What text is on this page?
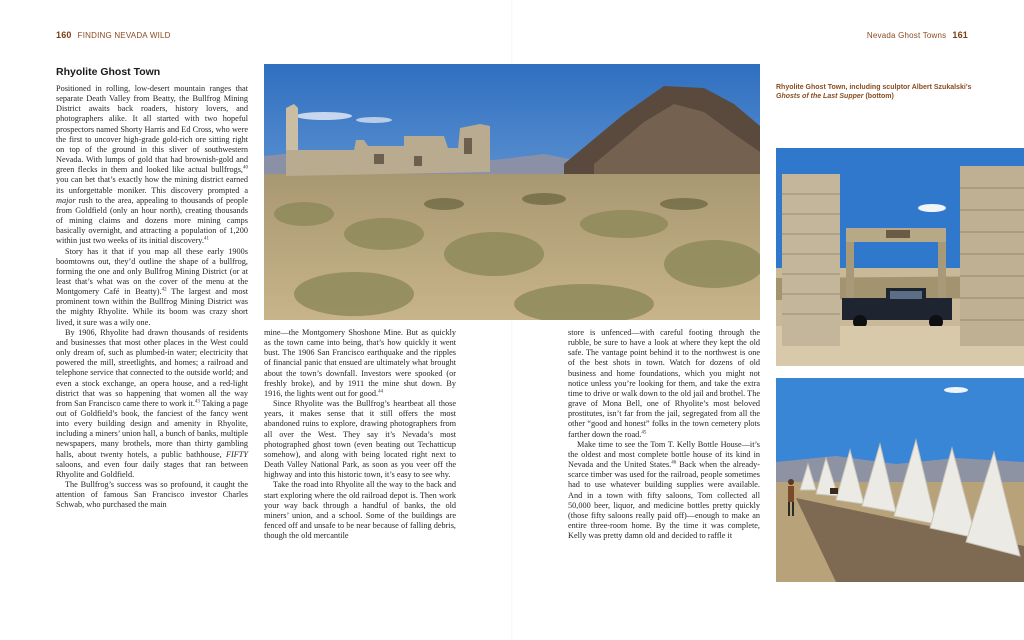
160 FINDING NEVADA WILD
Rhyolite Ghost Town
Nevada Ghost Towns 161

Positioned in rolling, low-desert mountain ranges that separate Death Valley from Beatty, the Bullfrog Mining District awaits back roaders, history lovers, and photographers alike. It all started with two hopeful prospectors named Shorty Harris and Ed Cross, who were the first to uncover high-grade gold-rich ore sitting right on top of the ground in this sliver of southwestern Nevada. With lumps of gold that had brownish-gold and green flecks in them and looked like actual bullfrogs,$^{40}$ you can bet that’s exactly how the mining district earned its unforgettable moniker. This discovery prompted a major rush to the area, appealing to thousands of people from Goldfield (only an hour north), creating thousands of mining claims and dozens more mining camps basically overnight, and attracting a population of 1,200 within just two weeks of its initial discovery.$^{41}$

Story has it that if you map all these early 1900s boomtowns out, they’d outline the shape of a bullfrog, forming the one and only Bullfrog Mining District (or at least that’s what was on the cover of the menu at the Montgomery Café in Beatty).$^{42}$ The largest and most prominent town within the Bullfrog Mining District was the mighty Rhyolite. While its boom was crazy short lived, it sure was a wily one.

By 1906, Rhyolite had drawn thousands of residents and businesses that most other places in the West could only dream of, such as plumbed-in water; electricity that powered the mill, streetlights, and homes; a railroad and telephone service that connected to the outside world; and even a stock exchange, an opera house, and a red-light district that was so happening that women all the way from San Francisco came there to work it.$^{43}$ Taking a page out of Goldfield’s book, the fanciest of the fancy went into every building design and amenity in Rhyolite, including a miners’ union hall, a bunch of banks, multiple newspapers, many brothels, more than thirty gambling halls, about twenty hotels, a public bathhouse, FIFTY saloons, and even four daily stages that ran between Rhyolite and Goldfield.

The Bullfrog’s success was so profound, it caught the attention of famous San Francisco investor Charles Schwab, who purchased the main

mine—the Montgomery Shoshone Mine. But as quickly as the town came into being, that’s how quickly it went bust. The 1906 San Francisco earthquake and the ripples of financial panic that ensued are ultimately what brought about the town’s downfall. Investors were spooked (or freshly broke), and by 1911 the mine shut down. By 1916, the lights went out for good.$^{44}$

Since Rhyolite was the Bullfrog’s heartbeat all those years, it makes sense that it still offers the most abandoned ruins to explore, drawing photographers from all over the West. They say it’s Nevada’s most photographed ghost town (even beating out Techatticup somehow), and along with being located right next to Death Valley National Park, as soon as you veer off the highway and into this historic town, it’s easy to see why.

Take the road into Rhyolite all the way to the back and start exploring where the old railroad depot is. Then work your way back through a handful of banks, the old miners’ union, and a school. Some of the buildings are fenced off and unsafe to be near because of falling debris, though the old mercantile

store is unfenced—with careful footing through the rubble, be sure to have a look at where they kept the old safe. The vantage point behind it to the northwest is one of the best shots in town. Watch for dozens of old business and home foundations, which you might not notice unless you’re looking for them, and take the extra time to drive or walk down to the old jail and brothel. The grave of Mona Bell, one of Rhyolite’s most beloved prostitutes, isn’t far from the jail, segregated from all the other “good and honest” folks in the town cemetery plots farther down the road.$^{45}$

Make time to see the Tom T. Kelly Bottle House—it’s the oldest and most complete bottle house of its kind in Nevada and the United States.$^{46}$ Back when the already-scarce timber was used for the railroad, people sometimes had to use whatever building supplies were available. And in a town with fifty saloons, Tom collected all 50,000 beer, liquor, and medicine bottles pretty quickly (those fifty saloons really paid off)—enough to make an entire three-room home. By the time it was complete, Kelly was pretty damn old and decided to raffle it

Rhyolite Ghost Town, including sculptor Albert Szukalski’s
Ghosts of the Last Supper (bottom)
